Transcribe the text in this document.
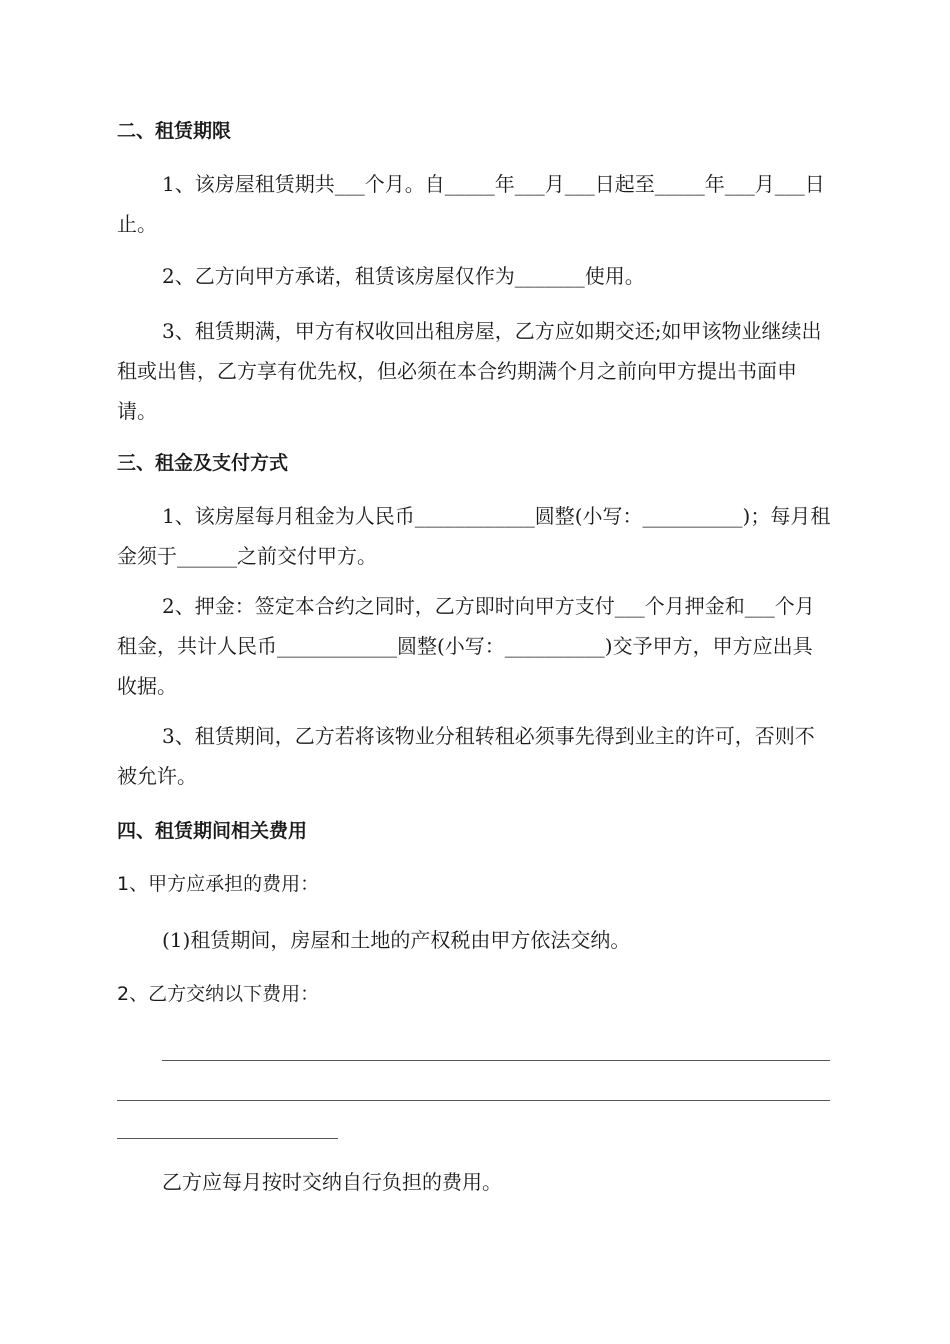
二、租赁期限
1、该房屋租赁期共___个月。自_____年___月___日起至_____年___月___日止。
2、乙方向甲方承诺，租赁该房屋仅作为_______使用。
3、租赁期满，甲方有权收回出租房屋，乙方应如期交还;如甲该物业继续出租或出售，乙方享有优先权，但必须在本合约期满个月之前向甲方提出书面申请。
三、租金及支付方式
1、该房屋每月租金为人民币____________圆整(小写：__________)；每月租金须于______之前交付甲方。
2、押金：签定本合约之同时，乙方即时向甲方支付___个月押金和___个月租金，共计人民币____________圆整(小写：__________)交予甲方，甲方应出具收据。
3、租赁期间，乙方若将该物业分租转租必须事先得到业主的许可，否则不被允许。
四、租赁期间相关费用
1、甲方应承担的费用：
(1)租赁期间，房屋和土地的产权税由甲方依法交纳。
2、乙方交纳以下费用：
乙方应每月按时交纳自行负担的费用。
